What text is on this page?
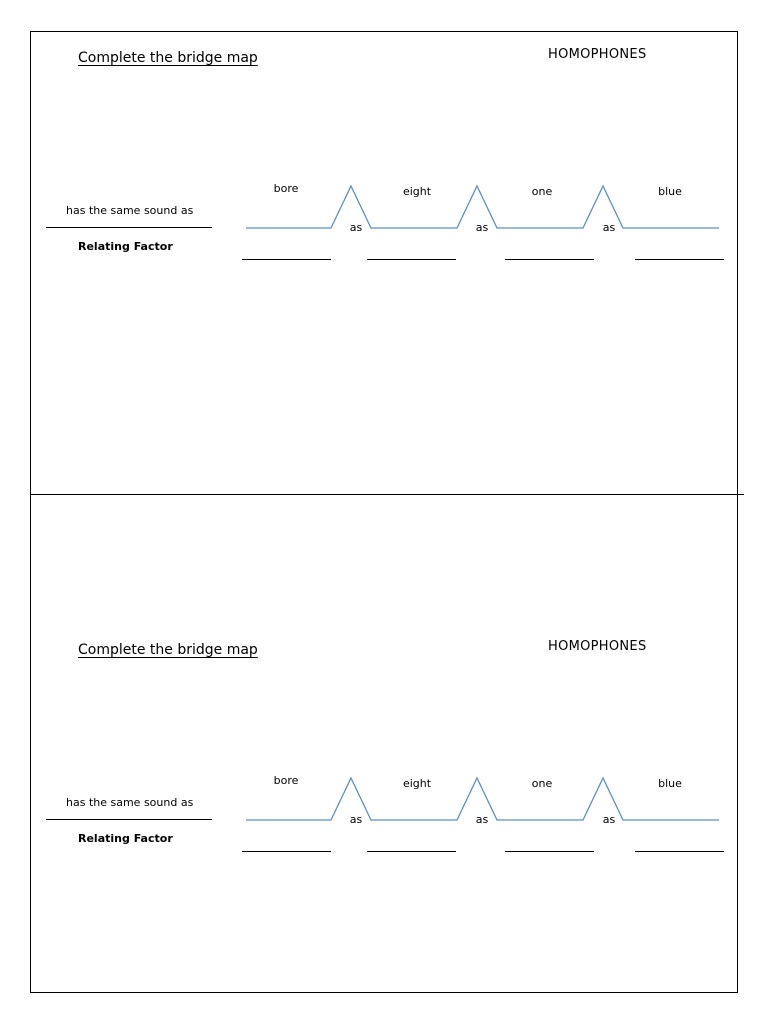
Complete the bridge map	HOMOPHONES
bore	eight	one	blue
as	as	as
has the same sound as
Relating Factor
Complete the bridge map	HOMOPHONES
bore	eight	one	blue
as	as	as
has the same sound as
Relating Factor
